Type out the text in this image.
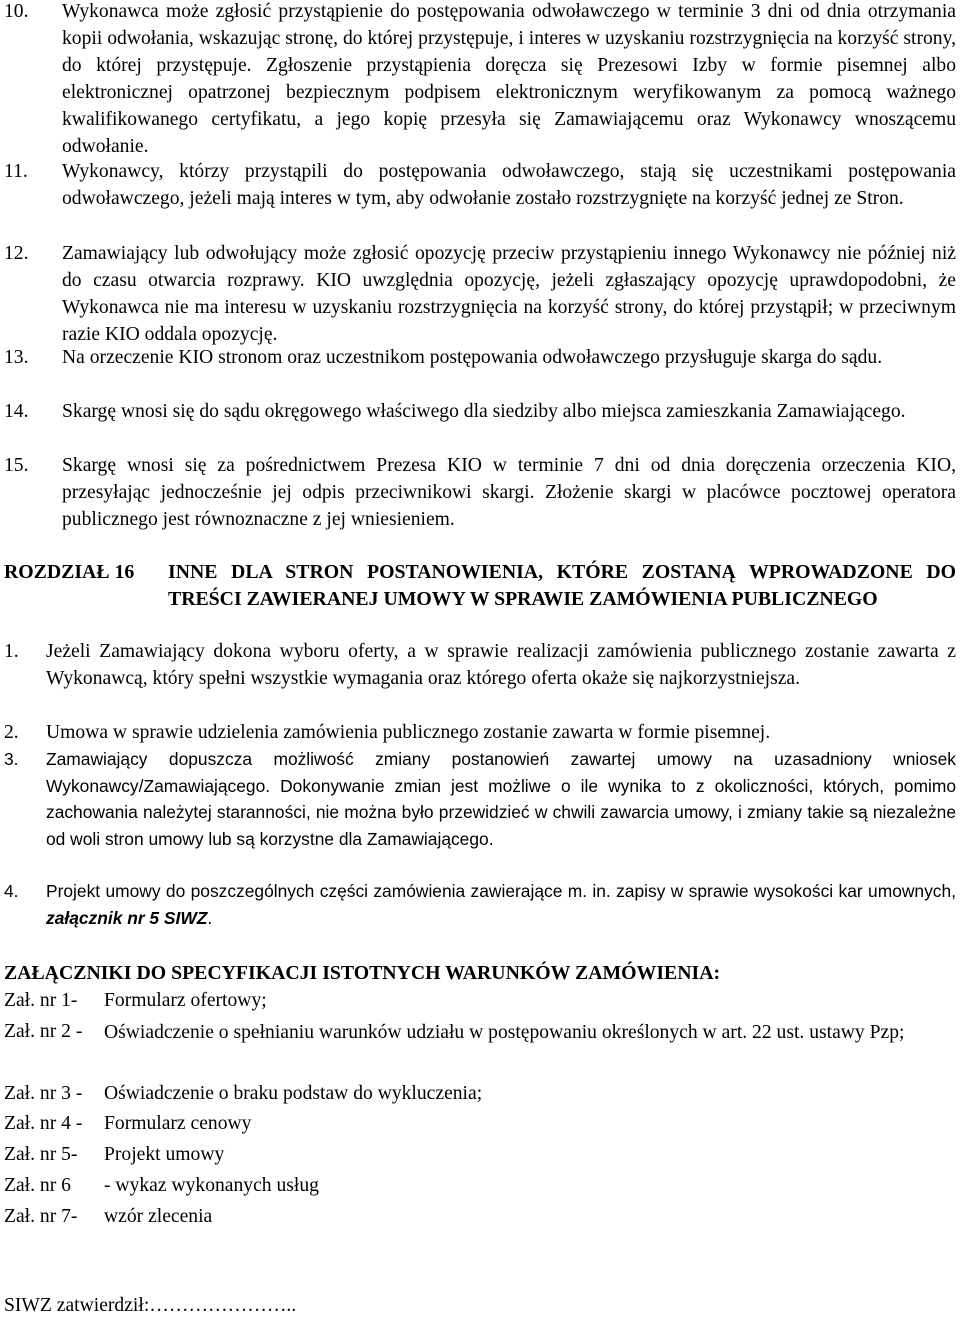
10.	Wykonawca może zgłosić przystąpienie do postępowania odwoławczego w terminie 3 dni od dnia otrzymania kopii odwołania, wskazując stronę, do której przystępuje, i interes w uzyskaniu rozstrzygnięcia na korzyść strony, do której przystępuje. Zgłoszenie przystąpienia doręcza się Prezesowi Izby w formie pisemnej albo elektronicznej opatrzonej bezpiecznym podpisem elektronicznym weryfikowanym za pomocą ważnego kwalifikowanego certyfikatu, a jego kopię przesyła się Zamawiającemu oraz Wykonawcy wnoszącemu odwołanie.
11.	Wykonawcy, którzy przystąpili do postępowania odwoławczego, stają się uczestnikami postępowania odwoławczego, jeżeli mają interes w tym, aby odwołanie zostało rozstrzygnięte na korzyść jednej ze Stron.
12.	Zamawiający lub odwołujący może zgłosić opozycję przeciw przystąpieniu innego Wykonawcy nie później niż do czasu otwarcia rozprawy. KIO uwzględnia opozycję, jeżeli zgłaszający opozycję uprawdopodobni, że Wykonawca nie ma interesu w uzyskaniu rozstrzygnięcia na korzyść strony, do której przystąpił; w przeciwnym razie KIO oddala opozycję.
13.	Na orzeczenie KIO stronom oraz uczestnikom postępowania odwoławczego przysługuje skarga do sądu.
14.	Skargę wnosi się do sądu okręgowego właściwego dla siedziby albo miejsca zamieszkania Zamawiającego.
15.	Skargę wnosi się za pośrednictwem Prezesa KIO w terminie 7 dni od dnia doręczenia orzeczenia KIO, przesyłając jednocześnie jej odpis przeciwnikowi skargi. Złożenie skargi w placówce pocztowej operatora publicznego jest równoznaczne z jej wniesieniem.
ROZDZIAŁ 16 INNE DLA STRON POSTANOWIENIA, KTÓRE ZOSTANĄ WPROWADZONE DO TREŚCI ZAWIERANEJ UMOWY W SPRAWIE ZAMÓWIENIA PUBLICZNEGO
1.	Jeżeli Zamawiający dokona wyboru oferty, a w sprawie realizacji zamówienia publicznego zostanie zawarta z Wykonawcą, który spełni wszystkie wymagania oraz którego oferta okaże się najkorzystniejsza.
2.	Umowa w sprawie udzielenia zamówienia publicznego zostanie zawarta w formie pisemnej.
3.	Zamawiający dopuszcza możliwość zmiany postanowień zawartej umowy na uzasadniony wniosek Wykonawcy/Zamawiającego. Dokonywanie zmian jest możliwe o ile wynika to z okoliczności, których, pomimo zachowania należytej staranności, nie można było przewidzieć w chwili zawarcia umowy, i zmiany takie są niezależne od woli stron umowy lub są korzystne dla Zamawiającego.
4.	Projekt umowy do poszczególnych części zamówienia zawierające m. in. zapisy w sprawie wysokości kar umownych, załącznik nr 5 SIWZ.
ZAŁĄCZNIKI DO SPECYFIKACJI ISTOTNYCH WARUNKÓW ZAMÓWIENIA:
Zał. nr 1- Formularz ofertowy;
Zał. nr 2 - Oświadczenie o spełnianiu warunków udziału w postępowaniu określonych w art. 22 ust. ustawy Pzp;
Zał. nr 3 - Oświadczenie o braku podstaw do wykluczenia;
Zał. nr 4 - Formularz cenowy
Zał. nr 5- Projekt umowy
Zał. nr 6 - wykaz wykonanych usług
Zał. nr 7- wzór zlecenia
SIWZ zatwierdził:…………………..
